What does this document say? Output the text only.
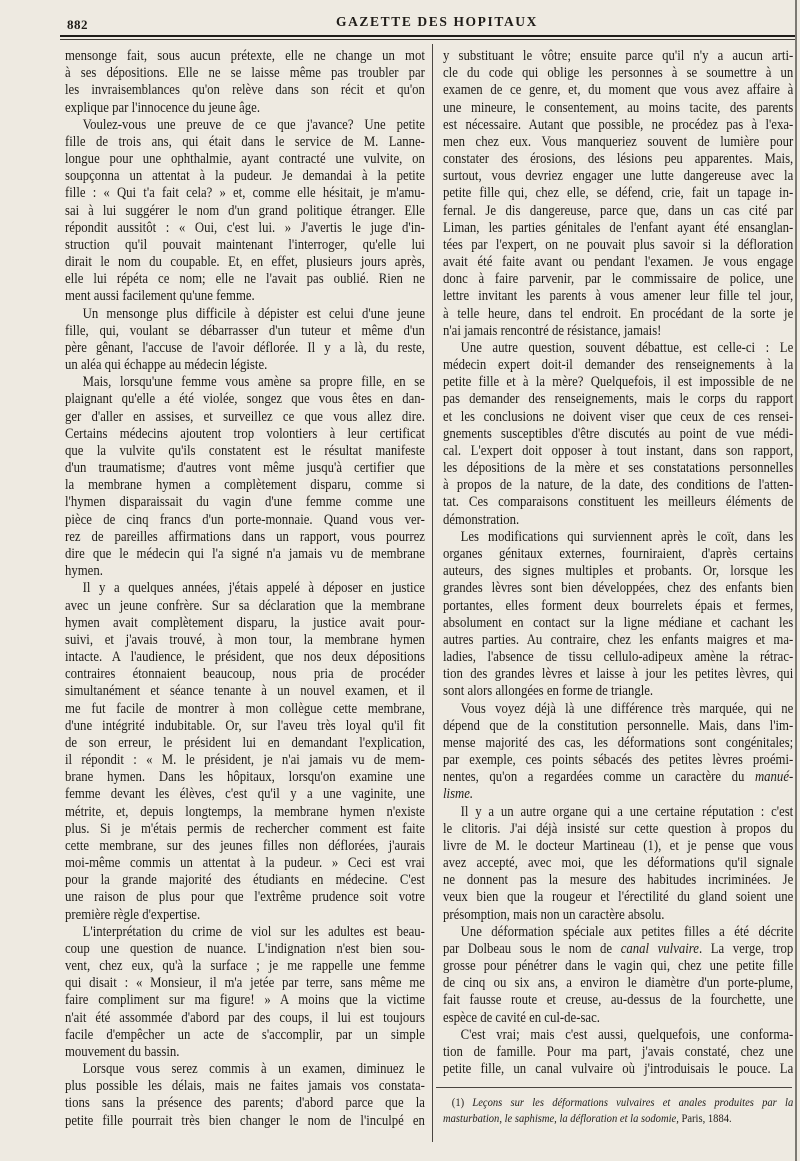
882	GAZETTE DES HOPITAUX
mensonge fait, sous aucun prétexte, elle ne change un mot
à ses dépositions. Elle ne se laisse même pas troubler par
les invraisemblances qu'on relève dans son récit et qu'on
explique par l'innocence du jeune âge.
Voulez-vous une preuve de ce que j'avance? Une petite
fille de trois ans, qui était dans le service de M. Lanne-
longue pour une ophthalmie, ayant contracté une vulvite, on
soupçonna un attentat à la pudeur. Je demandai à la petite
fille : « Qui t'a fait cela? » et, comme elle hésitait, je m'amu-
sai à lui suggérer le nom d'un grand politique étranger. Elle
répondit aussitôt : « Oui, c'est lui. » J'avertis le juge d'in-
struction qu'il pouvait maintenant l'interroger, qu'elle lui
dirait le nom du coupable. Et, en effet, plusieurs jours après,
elle lui répéta ce nom; elle ne l'avait pas oublié. Rien ne
ment aussi facilement qu'une femme.
Un mensonge plus difficile à dépister est celui d'une jeune
fille, qui, voulant se débarrasser d'un tuteur et même d'un
père gênant, l'accuse de l'avoir déflorée. Il y a là, du reste,
un aléa qui échappe au médecin légiste.
Mais, lorsqu'une femme vous amène sa propre fille, en se
plaignant qu'elle a été violée, songez que vous êtes en dan-
ger d'aller en assises, et surveillez ce que vous allez dire.
Certains médecins ajoutent trop volontiers à leur certificat
que la vulvite qu'ils constatent est le résultat manifeste
d'un traumatisme; d'autres vont même jusqu'à certifier que
la membrane hymen a complètement disparu, comme si
l'hymen disparaissait du vagin d'une femme comme une
pièce de cinq francs d'un porte-monnaie. Quand vous ver-
rez de pareilles affirmations dans un rapport, vous pourrez
dire que le médecin qui l'a signé n'a jamais vu de membrane
hymen.
Il y a quelques années, j'étais appelé à déposer en justice
avec un jeune confrère. Sur sa déclaration que la membrane
hymen avait complètement disparu, la justice avait pour-
suivi, et j'avais trouvé, à mon tour, la membrane hymen
intacte. A l'audience, le président, que nos deux dépositions
contraires étonnaient beaucoup, nous pria de procéder
simultanément et séance tenante à un nouvel examen, et il
me fut facile de montrer à mon collègue cette membrane,
d'une intégrité indubitable. Or, sur l'aveu très loyal qu'il fit
de son erreur, le président lui en demandant l'explication,
il répondit : « M. le président, je n'ai jamais vu de mem-
brane hymen. Dans les hôpitaux, lorsqu'on examine une
femme devant les élèves, c'est qu'il y a une vaginite, une
métrite, et, depuis longtemps, la membrane hymen n'existe
plus. Si je m'étais permis de rechercher comment est faite
cette membrane, sur des jeunes filles non déflorées, j'aurais
moi-même commis un attentat à la pudeur. » Ceci est vrai
pour la grande majorité des étudiants en médecine. C'est
une raison de plus pour que l'extrême prudence soit votre
première règle d'expertise.
L'interprétation du crime de viol sur les adultes est beau-
coup une question de nuance. L'indignation n'est bien sou-
vent, chez eux, qu'à la surface ; je me rappelle une femme
qui disait : « Monsieur, il m'a jetée par terre, sans même me
faire compliment sur ma figure! » A moins que la victime
n'ait été assommée d'abord par des coups, il lui est toujours
facile d'empêcher un acte de s'accomplir, par un simple
mouvement du bassin.
Lorsque vous serez commis à un examen, diminuez le
plus possible les délais, mais ne faites jamais vos constata-
tions sans la présence des parents; d'abord parce que la
petite fille pourrait très bien changer le nom de l'inculpé en
y substituant le vôtre; ensuite parce qu'il n'y a aucun arti-
cle du code qui oblige les personnes à se soumettre à un
examen de ce genre, et, du moment que vous avez affaire à
une mineure, le consentement, au moins tacite, des parents
est nécessaire. Autant que possible, ne procédez pas à l'exa-
men chez eux. Vous manqueriez souvent de lumière pour
constater des érosions, des lésions peu apparentes. Mais,
surtout, vous devriez engager une lutte dangereuse avec la
petite fille qui, chez elle, se défend, crie, fait un tapage in-
fernal. Je dis dangereuse, parce que, dans un cas cité par
Liman, les parties génitales de l'enfant ayant été ensanglan-
tées par l'expert, on ne pouvait plus savoir si la défloration
avait été faite avant ou pendant l'examen. Je vous engage
donc à faire parvenir, par le commissaire de police, une
lettre invitant les parents à vous amener leur fille tel jour,
à telle heure, dans tel endroit. En procédant de la sorte je
n'ai jamais rencontré de résistance, jamais!
Une autre question, souvent débattue, est celle-ci : Le
médecin expert doit-il demander des renseignements à la
petite fille et à la mère? Quelquefois, il est impossible de ne
pas demander des renseignements, mais le corps du rapport
et les conclusions ne doivent viser que ceux de ces rensei-
gnements susceptibles d'être discutés au point de vue médi-
cal. L'expert doit opposer à tout instant, dans son rapport,
les dépositions de la mère et ses constatations personnelles
à propos de la nature, de la date, des conditions de l'atten-
tat. Ces comparaisons constituent les meilleurs éléments de
démonstration.
Les modifications qui surviennent après le coït, dans les
organes génitaux externes, fourniraient, d'après certains
auteurs, des signes multiples et probants. Or, lorsque les
grandes lèvres sont bien développées, chez des enfants bien
portantes, elles forment deux bourrelets épais et fermes,
absolument en contact sur la ligne médiane et cachant les
autres parties. Au contraire, chez les enfants maigres et ma-
ladies, l'absence de tissu cellulo-adipeux amène la rétrac-
tion des grandes lèvres et laisse à jour les petites lèvres, qui
sont alors allongées en forme de triangle.
Vous voyez déjà là une différence très marquée, qui ne
dépend que de la constitution personnelle. Mais, dans l'im-
mense majorité des cas, les déformations sont congénitales;
par exemple, ces points sébacés des petites lèvres proémi-
nentes, qu'on a regardées comme un caractère du manué-
lisme.
Il y a un autre organe qui a une certaine réputation : c'est
le clitoris. J'ai déjà insisté sur cette question à propos du
livre de M. le docteur Martineau (1), et je pense que vous
avez accepté, avec moi, que les déformations qu'il signale
ne donnent pas la mesure des habitudes incriminées. Je
veux bien que la rougeur et l'érectilité du gland soient une
présomption, mais non un caractère absolu.
Une déformation spéciale aux petites filles a été décrite
par Dolbeau sous le nom de canal vulvaire. La verge, trop
grosse pour pénétrer dans le vagin qui, chez une petite fille
de cinq ou six ans, a environ le diamètre d'un porte-plume,
fait fausse route et creuse, au-dessus de la fourchette, une
espèce de cavité en cul-de-sac.
C'est vrai; mais c'est aussi, quelquefois, une conforma-
tion de famille. Pour ma part, j'avais constaté, chez une
petite fille, un canal vulvaire où j'introduisais le pouce. La
(1) Leçons sur les déformations vulvaires et anales produites par la
masturbation, le saphisme, la défloration et la sodomie, Paris, 1884.
